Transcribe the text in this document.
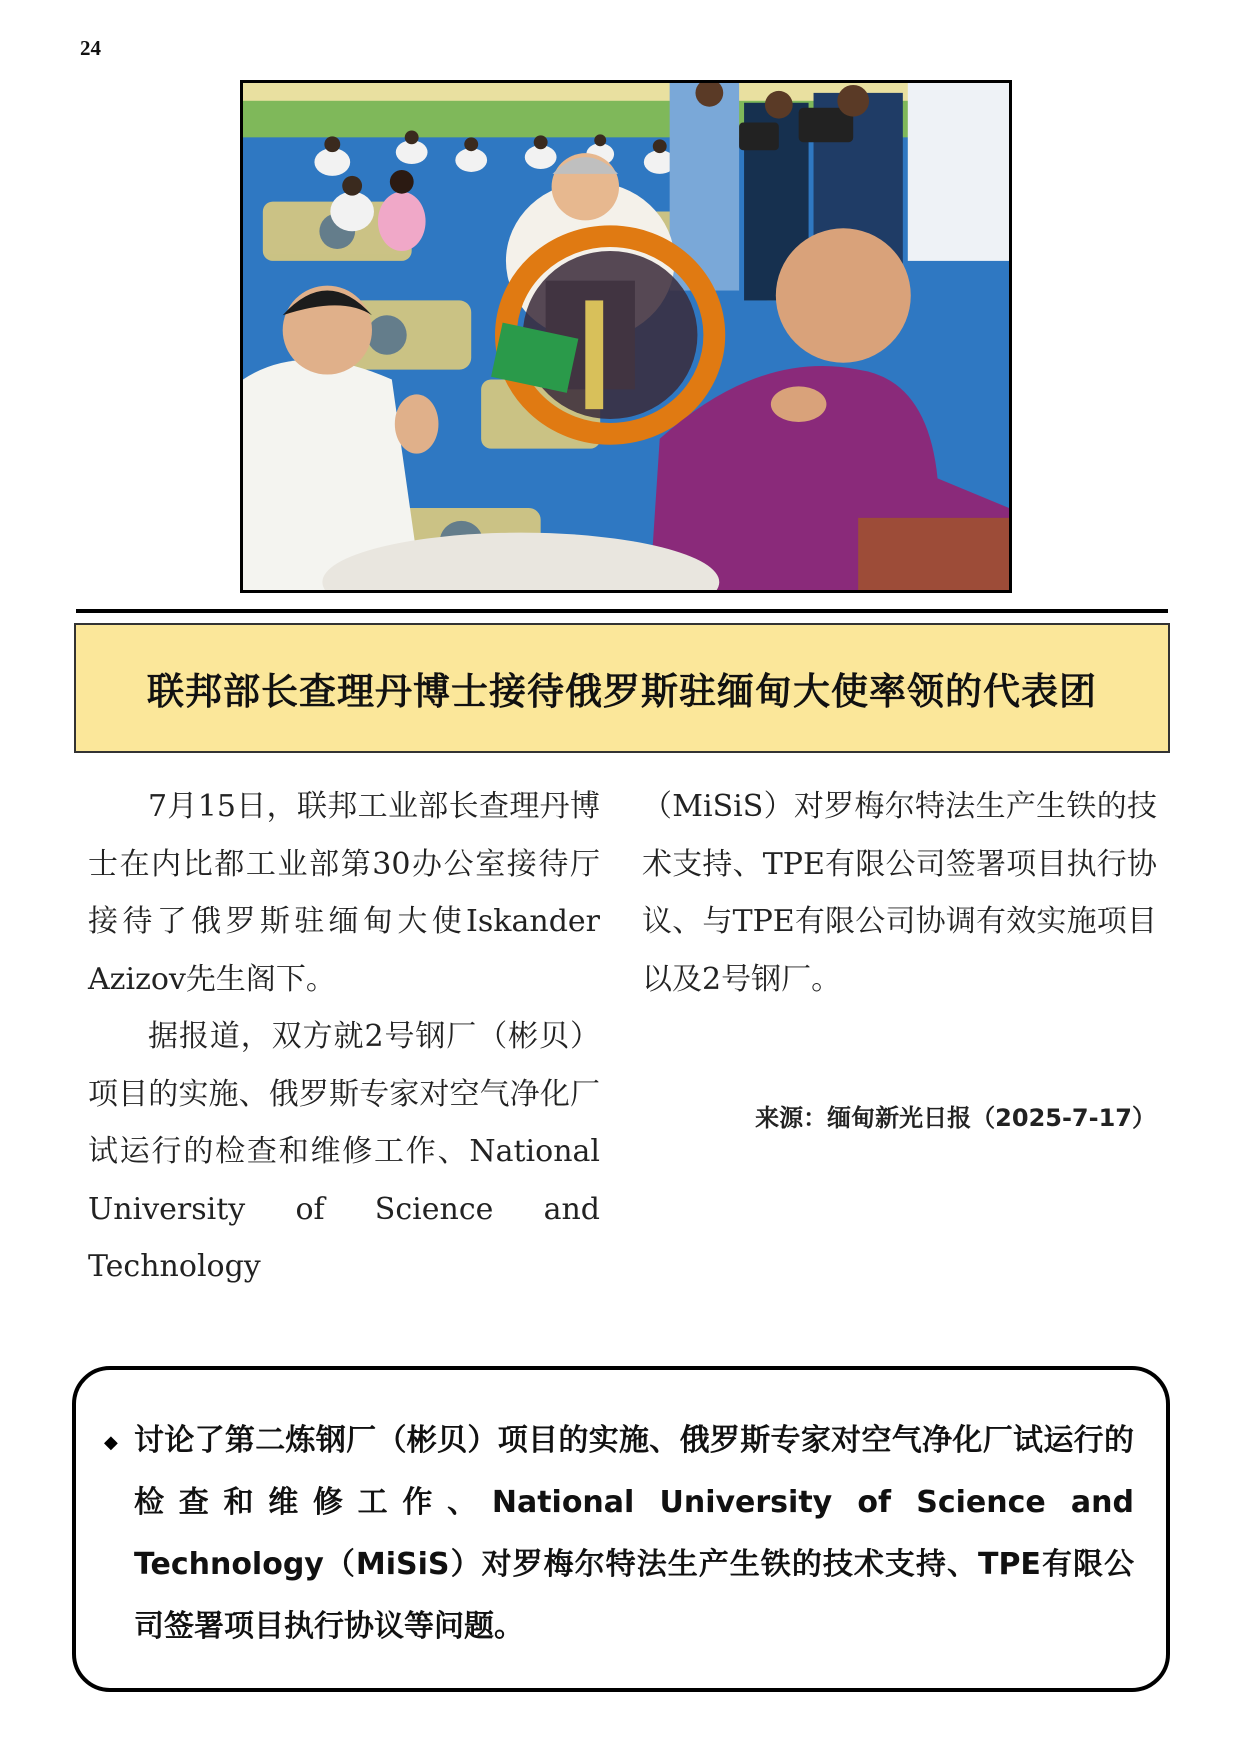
24
联邦部长查理丹博士接待俄罗斯驻缅甸大使率领的代表团

7月15日，联邦工业部长查理丹博士在内比都工业部第30办公室接待厅接待了俄罗斯驻缅甸大使Iskander Azizov先生阁下。

据报道，双方就2号钢厂（彬贝）项目的实施、俄罗斯专家对空气净化厂试运行的检查和维修工作、National University of Science and Technology

（MiSiS）对罗梅尔特法生产生铁的技术支持、TPE有限公司签署项目执行协议、与TPE有限公司协调有效实施项目以及2号钢厂。

来源：缅甸新光日报（2025-7-17）
◆ 讨论了第二炼钢厂（彬贝）项目的实施、俄罗斯专家对空气净化厂试运行的检查和维修工作、National University of Science and Technology（MiSiS）对罗梅尔特法生产生铁的技术支持、TPE有限公司签署项目执行协议等问题。
